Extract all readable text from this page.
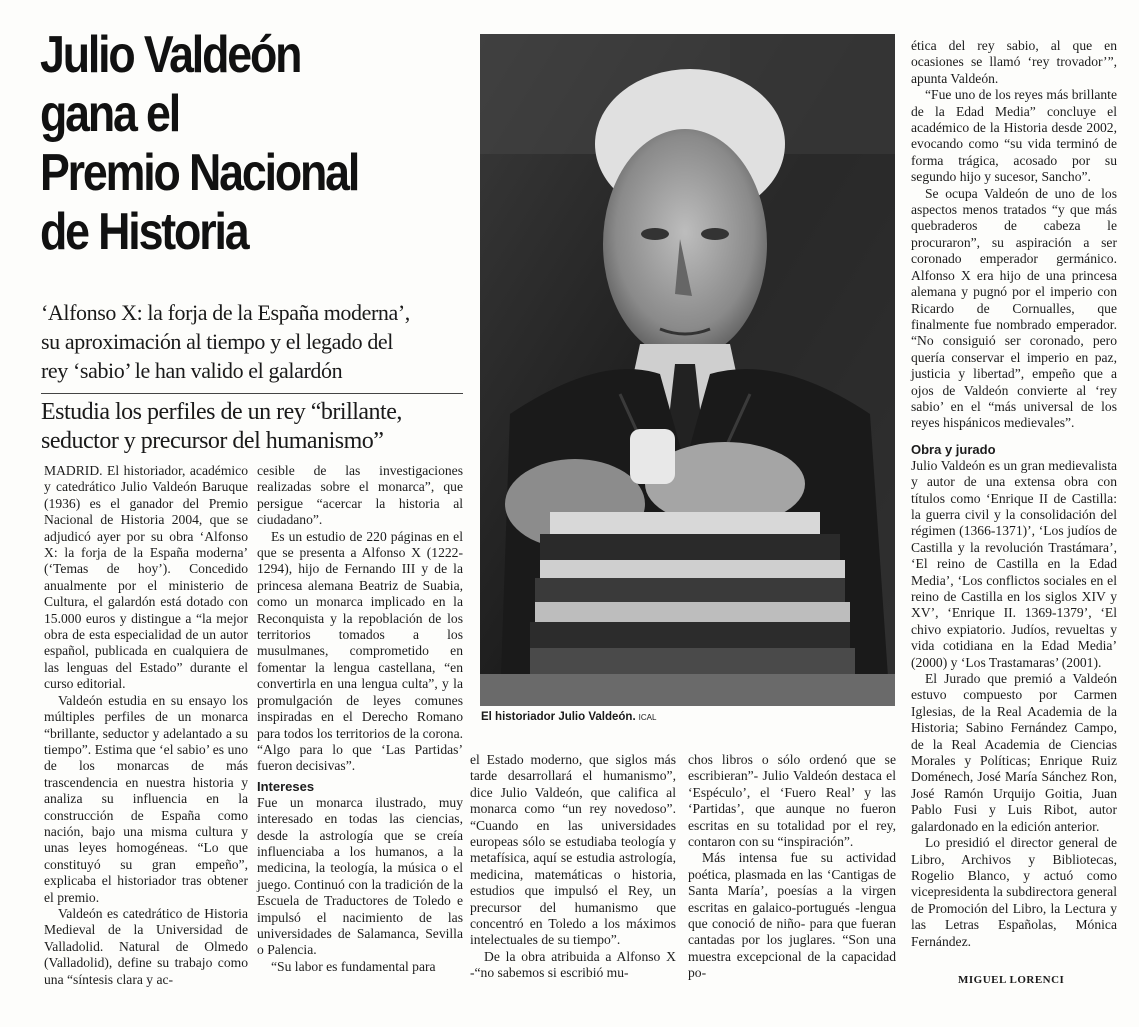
Julio Valdeón
gana el
Premio Nacional
de Historia
‘Alfonso X: la forja de la España moderna’,
su aproximación al tiempo y el legado del
rey ‘sabio’ le han valido el galardón
Estudia los perfiles de un rey “brillante,
seductor y precursor del humanismo”
El historiador Julio Valdeón. ICAL

MADRID. El historiador, académico y catedrático Julio Valdeón Baruque (1936) es el ganador del Premio Nacional de Historia 2004, que se adjudicó ayer por su obra ‘Alfonso X: la forja de la España moderna’ (‘Temas de hoy’). Concedido anualmente por el ministerio de Cultura, el galardón está dotado con 15.000 euros y distingue a “la mejor obra de esta especialidad de un autor español, publicada en cualquiera de las lenguas del Estado” durante el curso editorial.

Valdeón estudia en su ensayo los múltiples perfiles de un monarca “brillante, seductor y adelantado a su tiempo”. Estima que ‘el sabio’ es uno de los monarcas de más trascendencia en nuestra historia y analiza su influencia en la construcción de España como nación, bajo una misma cultura y unas leyes homogéneas. “Lo que constituyó su gran empeño”, explicaba el historiador tras obtener el premio.

Valdeón es catedrático de Historia Medieval de la Universidad de Valladolid. Natural de Olmedo (Valladolid), define su trabajo como una “síntesis clara y ac-

cesible de las investigaciones realizadas sobre el monarca”, que persigue “acercar la historia al ciudadano”.

Es un estudio de 220 páginas en el que se presenta a Alfonso X (1222-1294), hijo de Fernando III y de la princesa alemana Beatriz de Suabia, como un monarca implicado en la Reconquista y la repoblación de los territorios tomados a los musulmanes, comprometido en fomentar la lengua castellana, “en convertirla en una lengua culta”, y la promulgación de leyes comunes inspiradas en el Derecho Romano para todos los territorios de la corona. “Algo para lo que ‘Las Partidas’ fueron decisivas”.

Intereses

Fue un monarca ilustrado, muy interesado en todas las ciencias, desde la astrología que se creía influenciaba a los humanos, a la medicina, la teología, la música o el juego. Continuó con la tradición de la Escuela de Traductores de Toledo e impulsó el nacimiento de las universidades de Salamanca, Sevilla o Palencia.

“Su labor es fundamental para

el Estado moderno, que siglos más tarde desarrollará el humanismo”, dice Julio Valdeón, que califica al monarca como “un rey novedoso”. “Cuando en las universidades europeas sólo se estudiaba teología y metafísica, aquí se estudia astrología, medicina, matemáticas o historia, estudios que impulsó el Rey, un precursor del humanismo que concentró en Toledo a los máximos intelectuales de su tiempo”.

De la obra atribuida a Alfonso X -“no sabemos si escribió mu-

chos libros o sólo ordenó que se escribieran”- Julio Valdeón destaca el ‘Espéculo’, el ‘Fuero Real’ y las ‘Partidas’, que aunque no fueron escritas en su totalidad por el rey, contaron con su “inspiración”.

Más intensa fue su actividad poética, plasmada en las ‘Cantigas de Santa María’, poesías a la virgen escritas en galaico-portugués -lengua que conoció de niño- para que fueran cantadas por los juglares. “Son una muestra excepcional de la capacidad po-

ética del rey sabio, al que en ocasiones se llamó ‘rey trovador’”, apunta Valdeón.

“Fue uno de los reyes más brillante de la Edad Media” concluye el académico de la Historia desde 2002, evocando como “su vida terminó de forma trágica, acosado por su segundo hijo y sucesor, Sancho”.

Se ocupa Valdeón de uno de los aspectos menos tratados “y que más quebraderos de cabeza le procuraron”, su aspiración a ser coronado emperador germánico. Alfonso X era hijo de una princesa alemana y pugnó por el imperio con Ricardo de Cornualles, que finalmente fue nombrado emperador. “No consiguió ser coronado, pero quería conservar el imperio en paz, justicia y libertad”, empeño que a ojos de Valdeón convierte al ‘rey sabio’ en el “más universal de los reyes hispánicos medievales”.

Obra y jurado

Julio Valdeón es un gran medievalista y autor de una extensa obra con títulos como ‘Enrique II de Castilla: la guerra civil y la consolidación del régimen (1366-1371)’, ‘Los judíos de Castilla y la revolución Trastámara’, ‘El reino de Castilla en la Edad Media’, ‘Los conflictos sociales en el reino de Castilla en los siglos XIV y XV’, ‘Enrique II. 1369-1379’, ‘El chivo expiatorio. Judíos, revueltas y vida cotidiana en la Edad Media’ (2000) y ‘Los Trastamaras’ (2001).

El Jurado que premió a Valdeón estuvo compuesto por Carmen Iglesias, de la Real Academia de la Historia; Sabino Fernández Campo, de la Real Academia de Ciencias Morales y Políticas; Enrique Ruiz Doménech, José María Sánchez Ron, José Ramón Urquijo Goitia, Juan Pablo Fusi y Luis Ribot, autor galardonado en la edición anterior.

Lo presidió el director general de Libro, Archivos y Bibliotecas, Rogelio Blanco, y actuó como vicepresidenta la subdirectora general de Promoción del Libro, la Lectura y las Letras Españolas, Mónica Fernández.

MIGUEL LORENCI
